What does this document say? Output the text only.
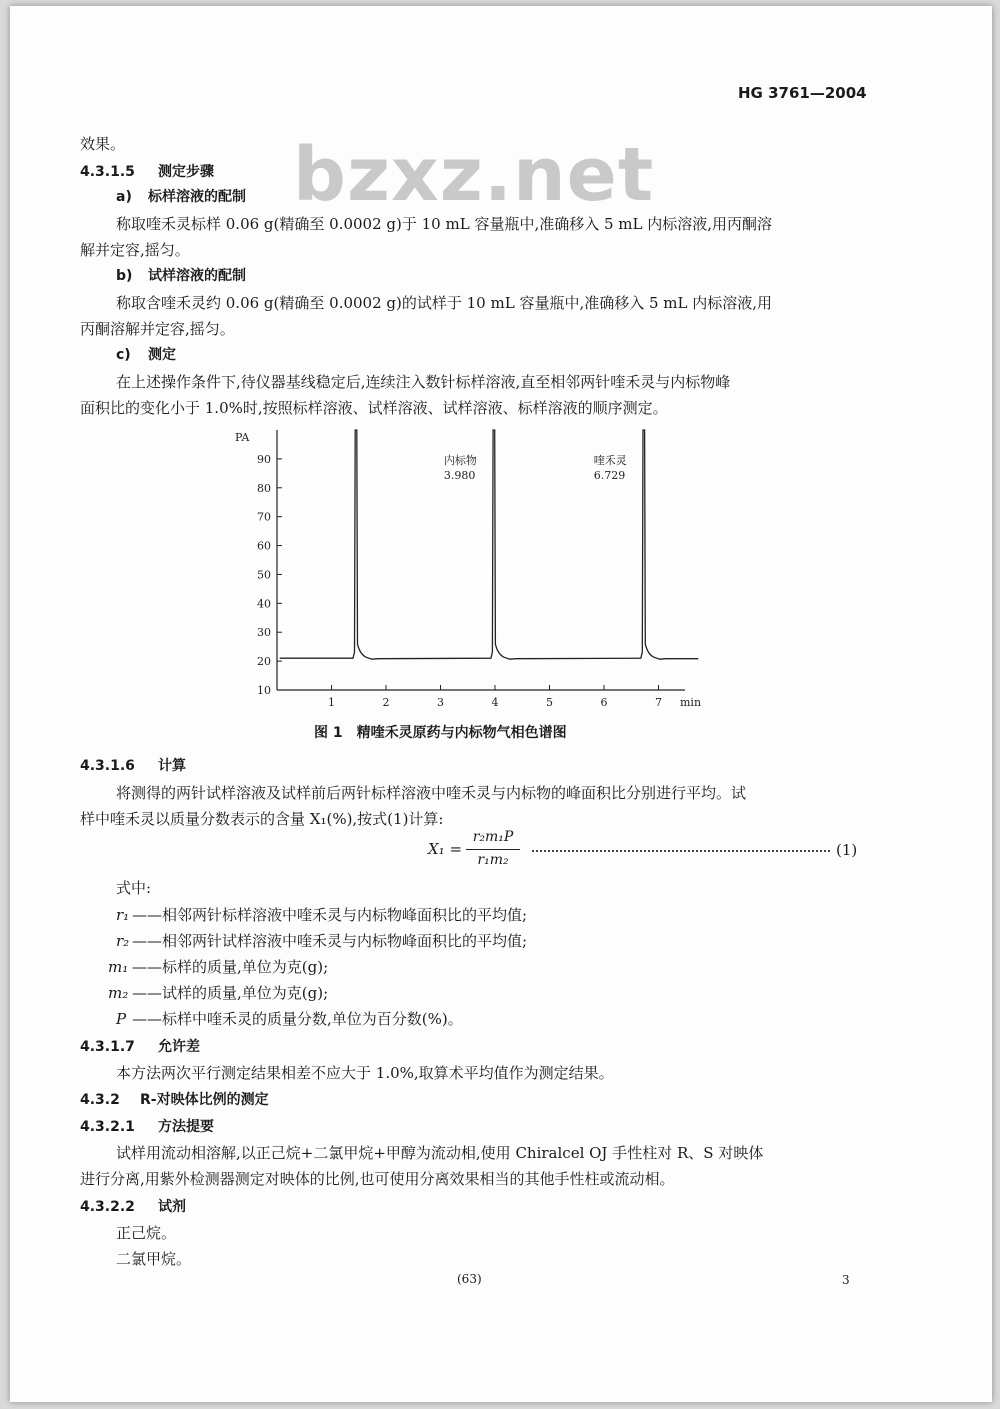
HG 3761—2004
bzxz.net
效果。
4.3.1.5 测定步骤
a) 标样溶液的配制
称取喹禾灵标样 0.06 g(精确至 0.0002 g)于 10 mL 容量瓶中,准确移入 5 mL 内标溶液,用丙酮溶
解并定容,摇匀。
b) 试样溶液的配制
称取含喹禾灵约 0.06 g(精确至 0.0002 g)的试样于 10 mL 容量瓶中,准确移入 5 mL 内标溶液,用
丙酮溶解并定容,摇匀。
c) 测定
在上述操作条件下,待仪器基线稳定后,连续注入数针标样溶液,直至相邻两针喹禾灵与内标物峰
面积比的变化小于 1.0%时,按照标样溶液、试样溶液、试样溶液、标样溶液的顺序测定。
10
20
30
40
50
60
70
80
90
1	2	3	4	5	6	7
PA
min
内标物
3.980
喹禾灵
6.729
图 1　精喹禾灵原药与内标物气相色谱图
4.3.1.6 计算
将测得的两针试样溶液及试样前后两针标样溶液中喹禾灵与内标物的峰面积比分别进行平均。试
样中喹禾灵以质量分数表示的含量 X₁(%),按式(1)计算:
X₁ =
r₂m₁P
r₁m₂
(1)
式中:
r₁ ——相邻两针标样溶液中喹禾灵与内标物峰面积比的平均值;
r₂ ——相邻两针试样溶液中喹禾灵与内标物峰面积比的平均值;
m₁ ——标样的质量,单位为克(g);
m₂ ——试样的质量,单位为克(g);
P ——标样中喹禾灵的质量分数,单位为百分数(%)。
4.3.1.7 允许差
本方法两次平行测定结果相差不应大于 1.0%,取算术平均值作为测定结果。
4.3.2 R-对映体比例的测定
4.3.2.1 方法提要
试样用流动相溶解,以正己烷+二氯甲烷+甲醇为流动相,使用 Chiralcel OJ 手性柱对 R、S 对映体
进行分离,用紫外检测器测定对映体的比例,也可使用分离效果相当的其他手性柱或流动相。
4.3.2.2 试剂
正己烷。
二氯甲烷。
(63)	3
